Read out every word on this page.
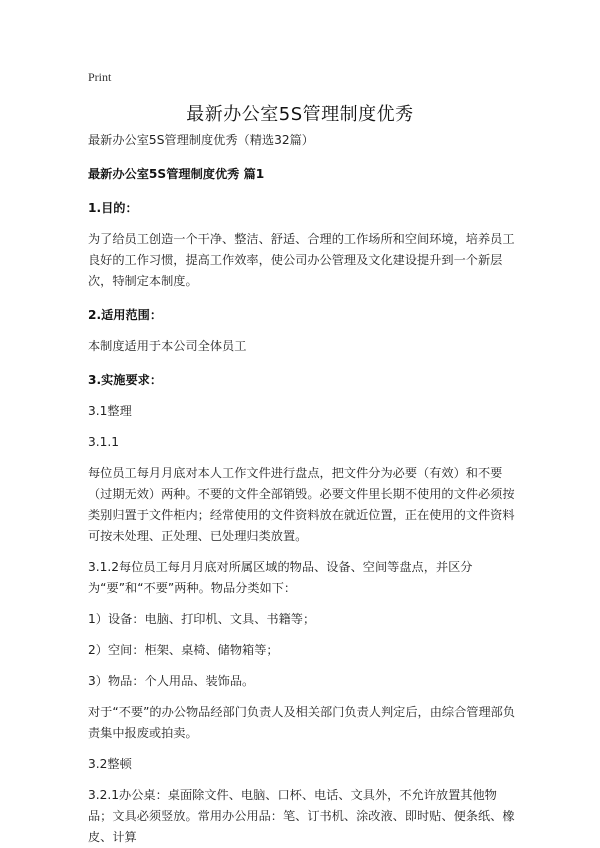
Print
最新办公室5S管理制度优秀

最新办公室5S管理制度优秀（精选32篇）

最新办公室5S管理制度优秀 篇1

1.目的：

为了给员工创造一个干净、整洁、舒适、合理的工作场所和空间环境，培养员工良好的工作习惯，提高工作效率，使公司办公管理及文化建设提升到一个新层次，特制定本制度。

2.适用范围：

本制度适用于本公司全体员工

3.实施要求：

3.1整理

3.1.1

每位员工每月月底对本人工作文件进行盘点，把文件分为必要（有效）和不要（过期无效）两种。不要的文件全部销毁。必要文件里长期不使用的文件必须按类别归置于文件柜内；经常使用的文件资料放在就近位置，正在使用的文件资料可按未处理、正处理、已处理归类放置。

3.1.2每位员工每月月底对所属区域的物品、设备、空间等盘点，并区分为“要”和“不要”两种。物品分类如下：

1）设备：电脑、打印机、文具、书籍等；

2）空间：柜架、桌椅、储物箱等；

3）物品：个人用品、装饰品。

对于“不要”的办公物品经部门负责人及相关部门负责人判定后，由综合管理部负责集中报废或拍卖。

3.2整顿

3.2.1办公桌：桌面除文件、电脑、口杯、电话、文具外，不允许放置其他物品；文具必须竖放。常用办公用品：笔、订书机、涂改液、即时贴、便条纸、橡皮、计算
